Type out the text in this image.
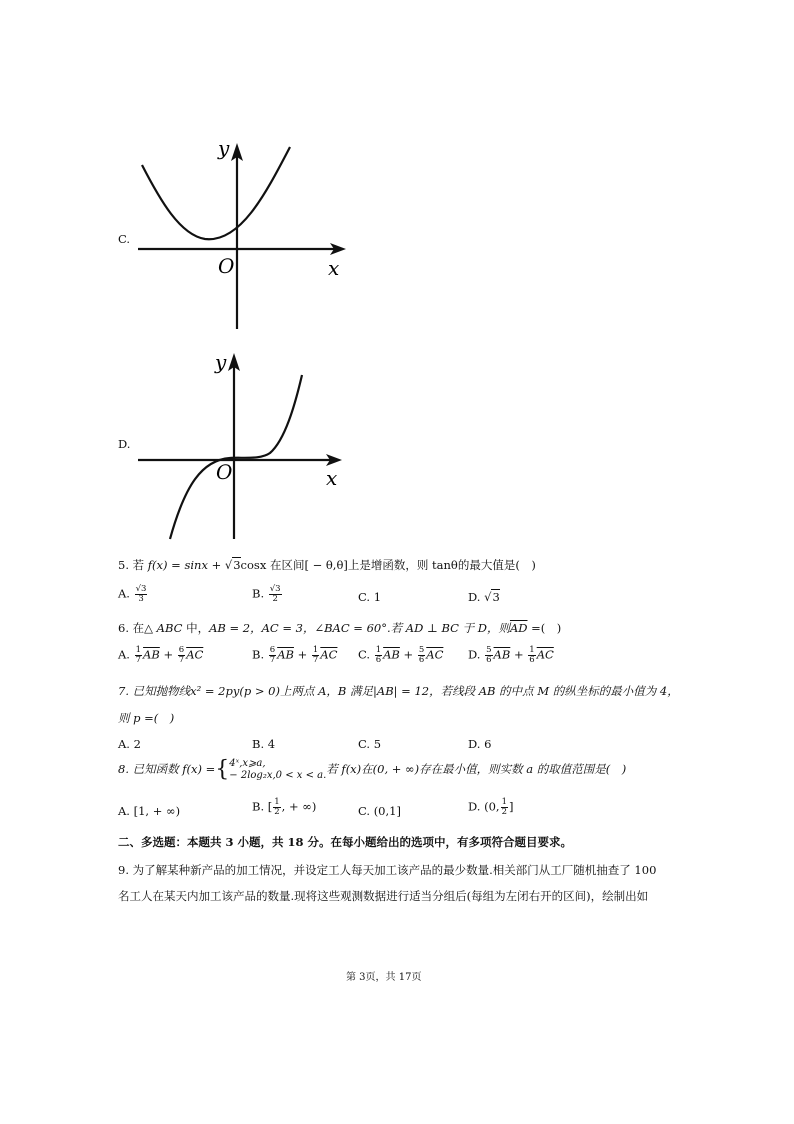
C.
y
x
O
D.
y
x
O
5. 若 f(x) = sinx + √3cosx 在区间[ − θ,θ]上是增函数，则 tanθ的最大值是(　)
A. $\frac{√3}{3}$	B. $\frac{√3}{2}$	C. 1	D. √3
6. 在△ ABC 中，AB = 2，AC = 3，∠BAC = 60°.若 AD ⊥ BC 于 D，则$\overline{AD}$ =(　)
A. $\frac{1}{7} \overline{AB} + \frac{6}{7} \overline{AC}$	B. $\frac{6}{7} \overline{AB} + \frac{1}{7} \overline{AC}$ C. $\frac{1}{6} \overline{AB} + \frac{5}{6} \overline{AC}$ D. $\frac{5}{6} \overline{AB} + \frac{1}{6} \overline{AC}$
7. 已知抛物线x² = 2py(p > 0)上两点 A，B 满足|AB| = 12，若线段 AB 的中点 M 的纵坐标的最小值为 4，
则 p =(　)
A. 2	B. 4	C. 5	D. 6
8. 已知函数 f(x) ={ 4ˣ,x⩾a,
− 2log₂x,0 < x < a. 若 f(x)在(0, + ∞)存在最小值，则实数 a 的取值范围是(　)
A. [1, + ∞)	B. [ $\frac{1}{2}$ , + ∞)	C. (0,1]	D. (0, $\frac{1}{2}$ ]
二、多选题：本题共 3 小题，共 18 分。在每小题给出的选项中，有多项符合题目要求。
9. 为了解某种新产品的加工情况，并设定工人每天加工该产品的最少数量.相关部门从工厂随机抽查了 100
名工人在某天内加工该产品的数量.现将这些观测数据进行适当分组后(每组为左闭右开的区间)，绘制出如
第 3页，共 17页
